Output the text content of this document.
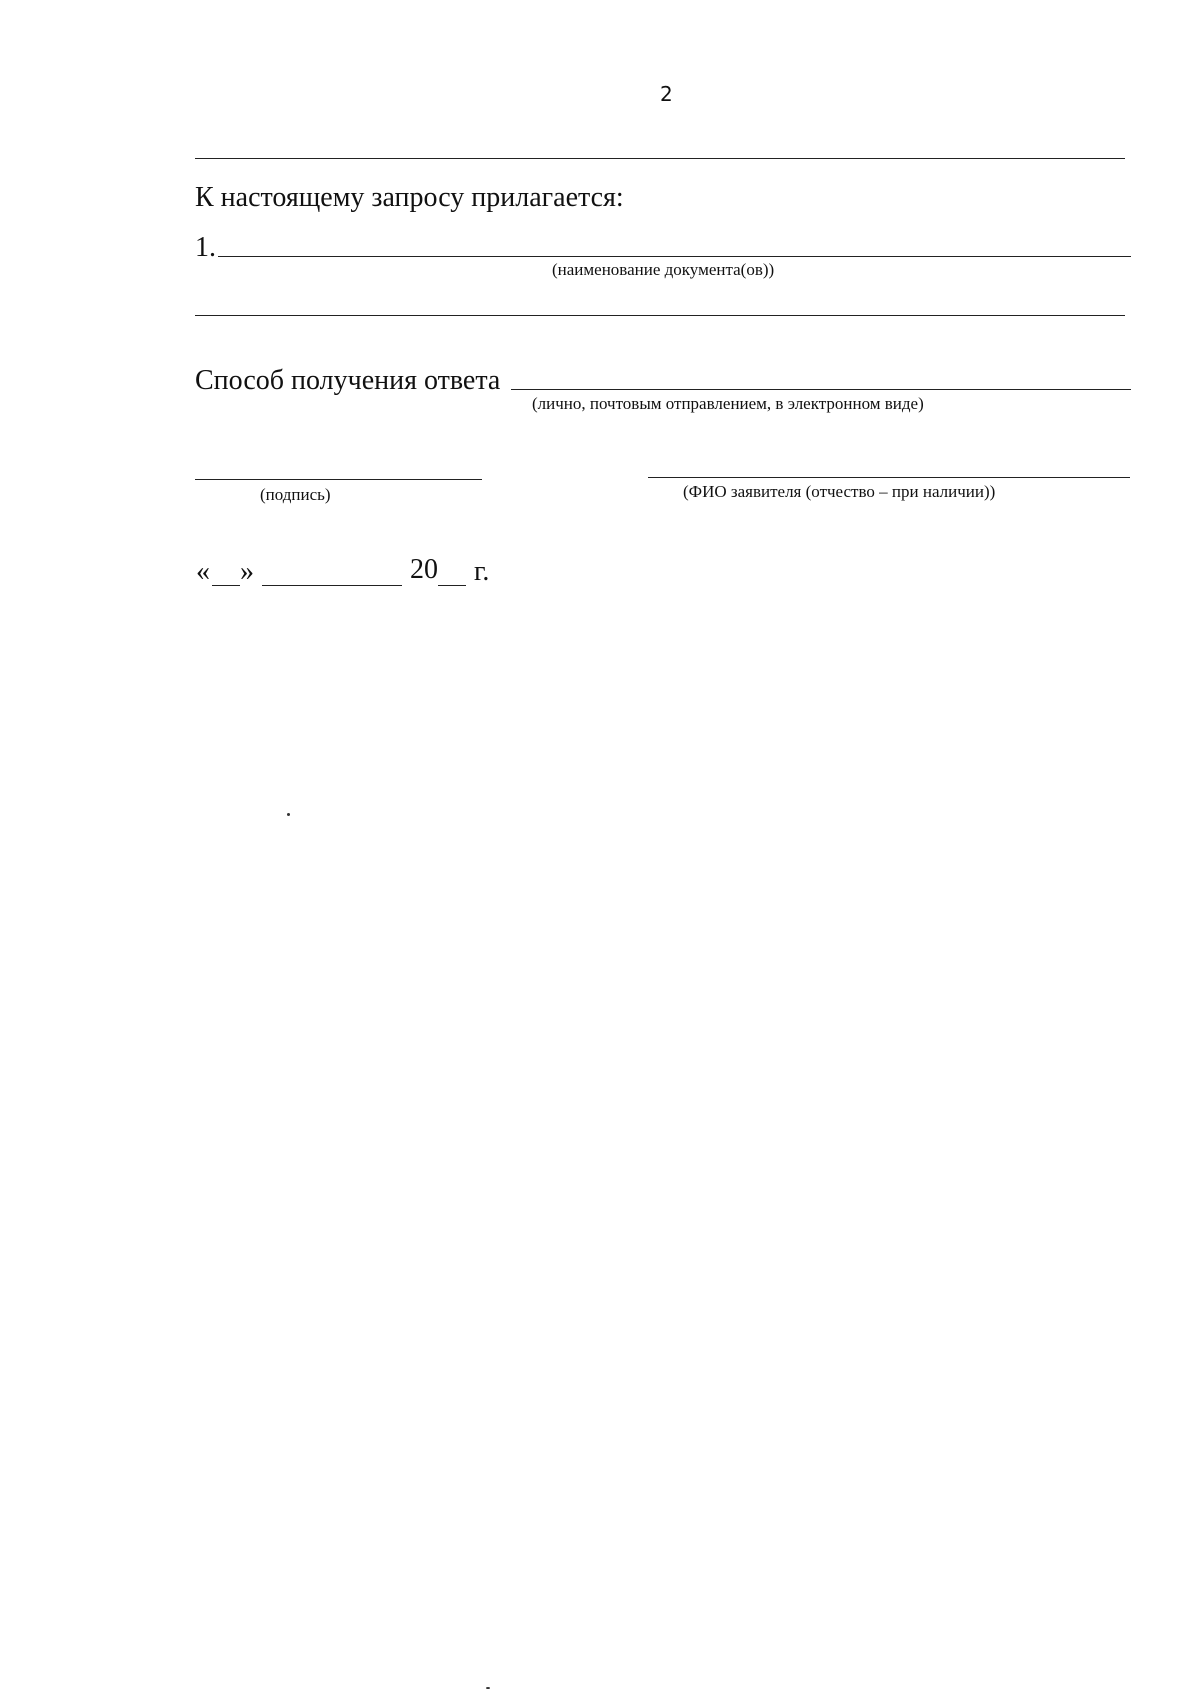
2
К настоящему запросу прилагается:
1.
(наименование документа(ов))
Способ получения ответа
(лично, почтовым отправлением, в электронном виде)
(подпись)	(ФИО заявителя (отчество – при наличии))
« »	20 г.
